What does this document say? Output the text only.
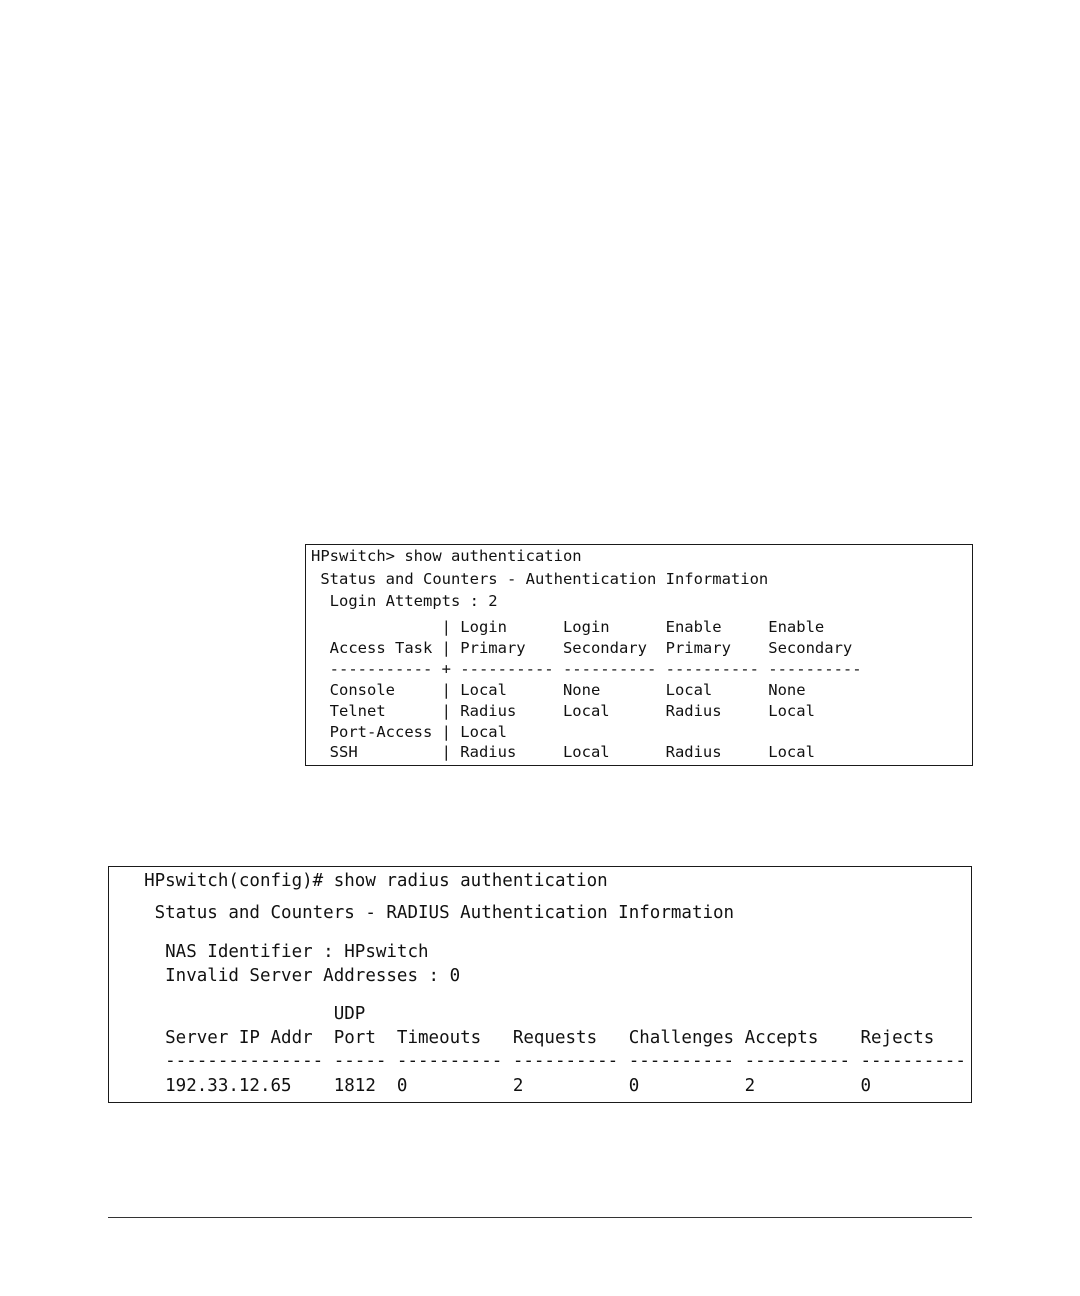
HPswitch> show authentication
Status and Counters - Authentication Information
Login Attempts : 2
| Login      Login      Enable     Enable
Access Task | Primary    Secondary  Primary    Secondary
----------- + ---------- ---------- ---------- ----------
Console     | Local      None       Local      None
Telnet      | Radius     Local      Radius     Local
Port-Access | Local
SSH         | Radius     Local      Radius     Local
HPswitch(config)# show radius authentication
Status and Counters - RADIUS Authentication Information
NAS Identifier : HPswitch
Invalid Server Addresses : 0
UDP
Server IP Addr  Port  Timeouts   Requests   Challenges Accepts    Rejects
--------------- ----- ---------- ---------- ---------- ---------- ----------
192.33.12.65    1812  0          2          0          2          0
